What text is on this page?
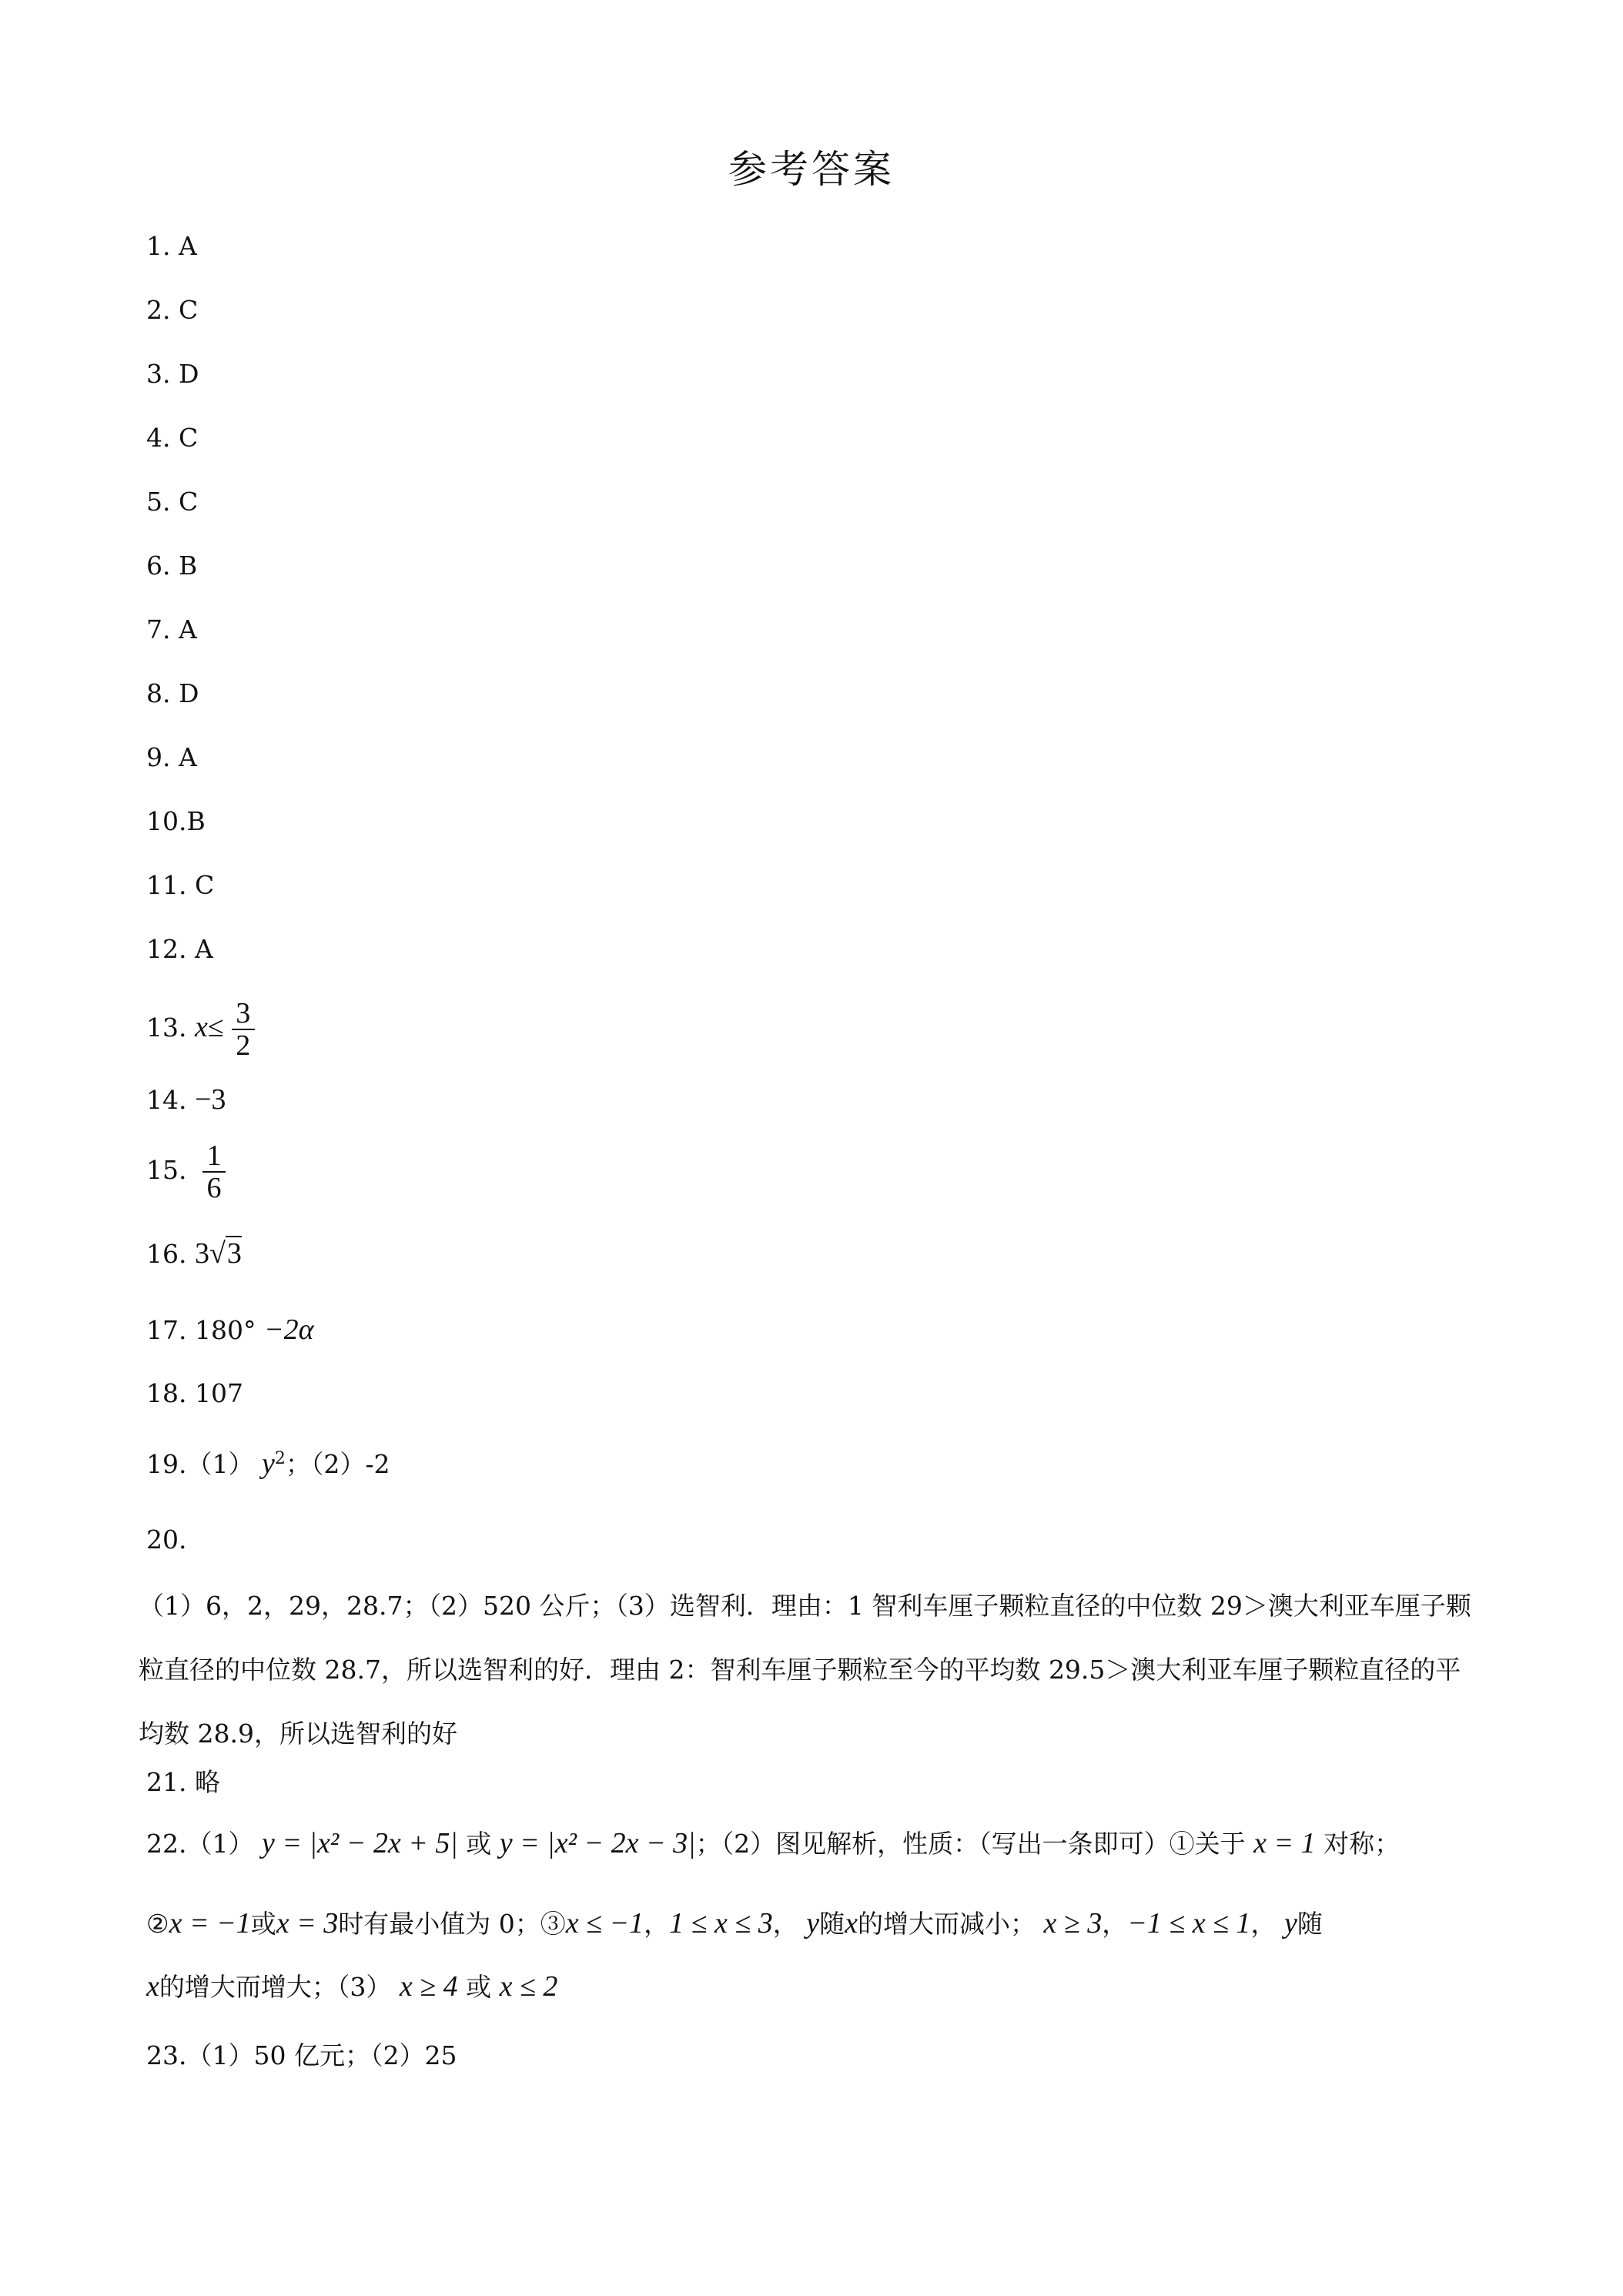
参考答案
1. A
2. C
3. D
4. C
5. C
6. B
7. A
8. D
9. A
10.B
11. C
12. A
13. $x\le \frac{3}{2}$
14. −3
15. $\frac{1}{6}$
16. 3√3
17. 180° −2α
18. 107
19.（1） $y^2$；（2）-2
20.
（1）6，2，29，28.7；（2）520 公斤；（3）选智利．理由：1 智利车厘子颗粒直径的中位数 29＞澳大利亚车厘子颗粒直径的中位数 28.7，所以选智利的好．理由 2：智利车厘子颗粒至今的平均数 29.5＞澳大利亚车厘子颗粒直径的平均数 28.9，所以选智利的好
21. 略
22.（1） y = |x² − 2x + 5| 或 y = |x² − 2x − 3|；（2）图见解析，性质：（写出一条即可）①关于 x = 1 对称；
②x = −1或x = 3时有最小值为 0；③x ≤ −1，1 ≤ x ≤ 3， y随x的增大而减小； x ≥ 3，−1 ≤ x ≤ 1， y随
x的增大而增大；（3） x ≥ 4 或 x ≤ 2
23.（1）50 亿元；（2）25
